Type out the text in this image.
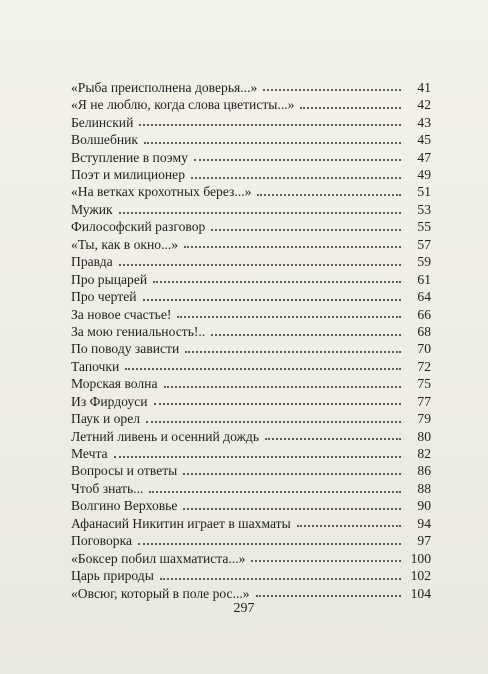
«Рыба преисполнена доверья...»	41
«Я не люблю, когда слова цветисты...»	42
Белинский	43
Волшебник	45
Вступление в поэму	47
Поэт и милиционер	49
«На ветках крохотных берез...»	51
Мужик	53
Философский разговор	55
«Ты, как в окно...»	57
Правда	59
Про рыцарей	61
Про чертей	64
За новое счастье!	66
За мою гениальность!..	68
По поводу зависти	70
Тапочки	72
Морская волна	75
Из Фирдоуси	77
Паук и орел	79
Летний ливень и осенний дождь	80
Мечта	82
Вопросы и ответы	86
Чтоб знать...	88
Волгино Верховье	90
Афанасий Никитин играет в шахматы	94
Поговорка	97
«Боксер побил шахматиста...»	100
Царь природы	102
«Овсюг, который в поле рос...»	104
297
